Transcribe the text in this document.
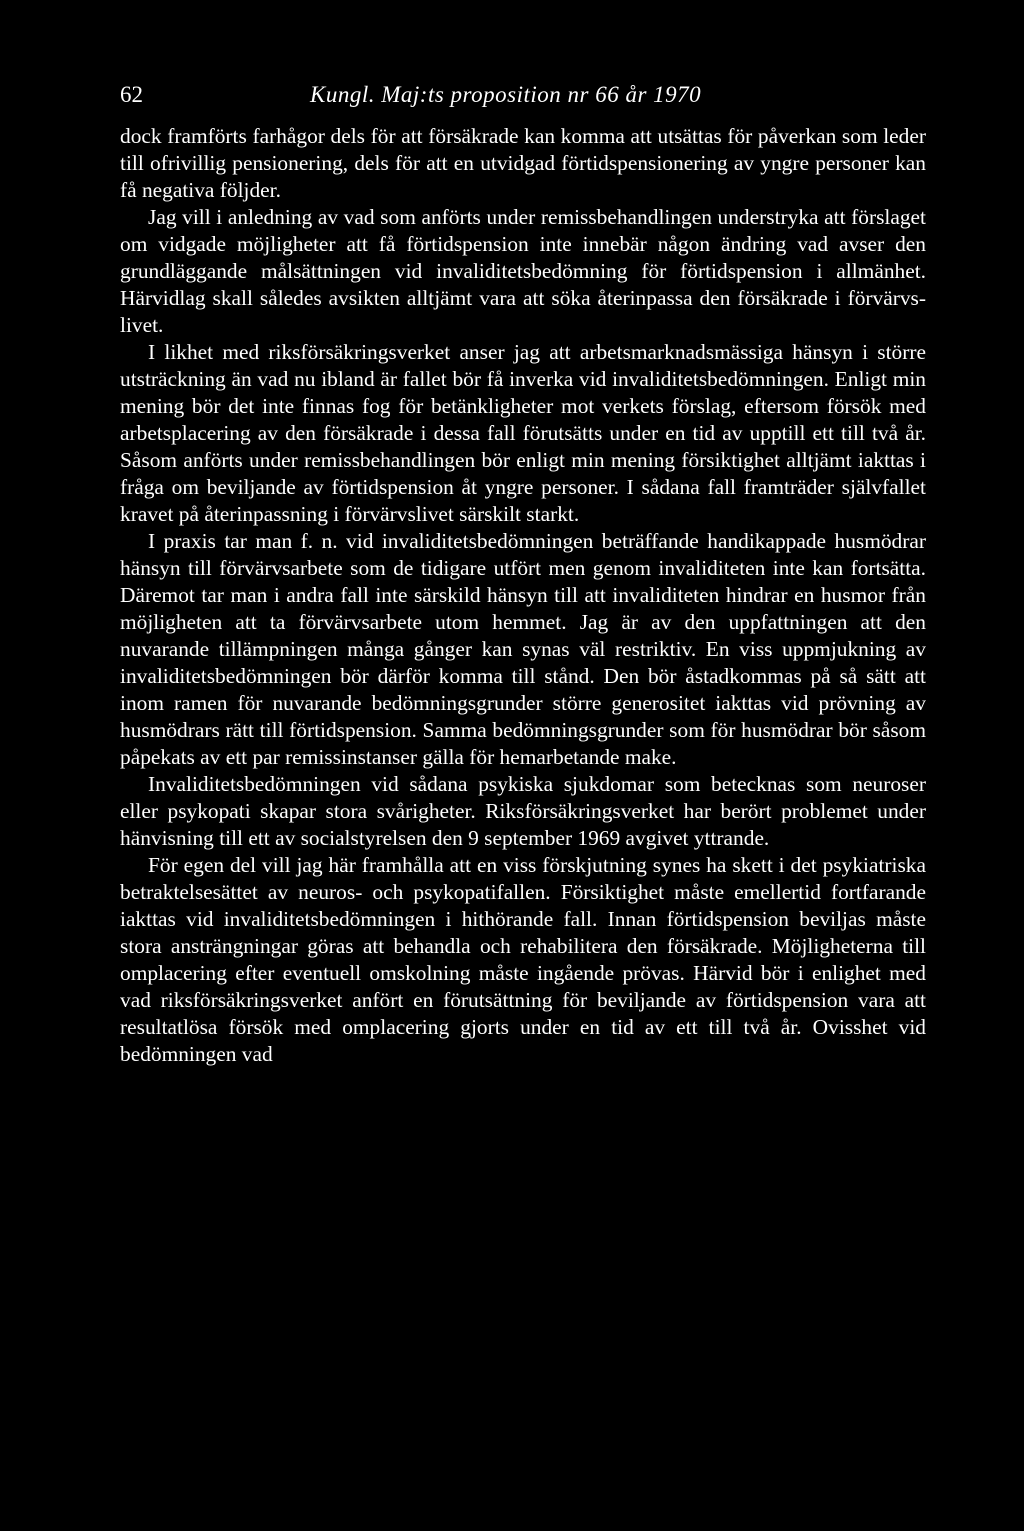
62	Kungl. Maj:ts proposition nr 66 år 1970

dock framförts farhågor dels för att försäkrade kan komma att utsättas för påverkan som leder till ofrivillig pensionering, dels för att en utvidgad förtidspensionering av yngre personer kan få negativa följder.

Jag vill i anledning av vad som anförts under remissbehandlingen understryka att förslaget om vidgade möjligheter att få förtidspension inte innebär någon ändring vad avser den grundläggande målsättningen vid invaliditetsbedömning för förtidspension i allmänhet. Härvidlag skall således avsikten alltjämt vara att söka återinpassa den försäkrade i förvärvslivet.

I likhet med riksförsäkringsverket anser jag att arbetsmarknadsmässiga hänsyn i större utsträckning än vad nu ibland är fallet bör få inverka vid invaliditetsbedömningen. Enligt min mening bör det inte finnas fog för betänkligheter mot verkets förslag, eftersom försök med arbetsplacering av den försäkrade i dessa fall förutsätts under en tid av upptill ett till två år. Såsom anförts under remissbehandlingen bör enligt min mening försiktighet alltjämt iakttas i fråga om beviljande av förtidspension åt yngre personer. I sådana fall framträder självfallet kravet på återinpassning i förvärvslivet särskilt starkt.

I praxis tar man f. n. vid invaliditetsbedömningen beträffande handikappade husmödrar hänsyn till förvärvsarbete som de tidigare utfört men genom invaliditeten inte kan fortsätta. Däremot tar man i andra fall inte särskild hänsyn till att invaliditeten hindrar en husmor från möjligheten att ta förvärvsarbete utom hemmet. Jag är av den uppfattningen att den nuvarande tillämpningen många gånger kan synas väl restriktiv. En viss uppmjukning av invaliditetsbedömningen bör därför komma till stånd. Den bör åstadkommas på så sätt att inom ramen för nuvarande bedömningsgrunder större generositet iakttas vid prövning av husmödrars rätt till förtidspension. Samma bedömningsgrunder som för husmödrar bör såsom påpekats av ett par remissinstanser gälla för hemarbetande make.

Invaliditetsbedömningen vid sådana psykiska sjukdomar som betecknas som neuroser eller psykopati skapar stora svårigheter. Riksförsäkringsverket har berört problemet under hänvisning till ett av socialstyrelsen den 9 september 1969 avgivet yttrande.

För egen del vill jag här framhålla att en viss förskjutning synes ha skett i det psykiatriska betraktelsesättet av neuros- och psykopatifallen. Försiktighet måste emellertid fortfarande iakttas vid invaliditetsbedömningen i hithörande fall. Innan förtidspension beviljas måste stora ansträngningar göras att behandla och rehabilitera den försäkrade. Möjligheterna till omplacering efter eventuell omskolning måste ingående prövas. Härvid bör i enlighet med vad riksförsäkringsverket anfört en förutsättning för beviljande av förtidspension vara att resultatlösa försök med omplacering gjorts under en tid av ett till två år. Ovisshet vid bedömningen vad
